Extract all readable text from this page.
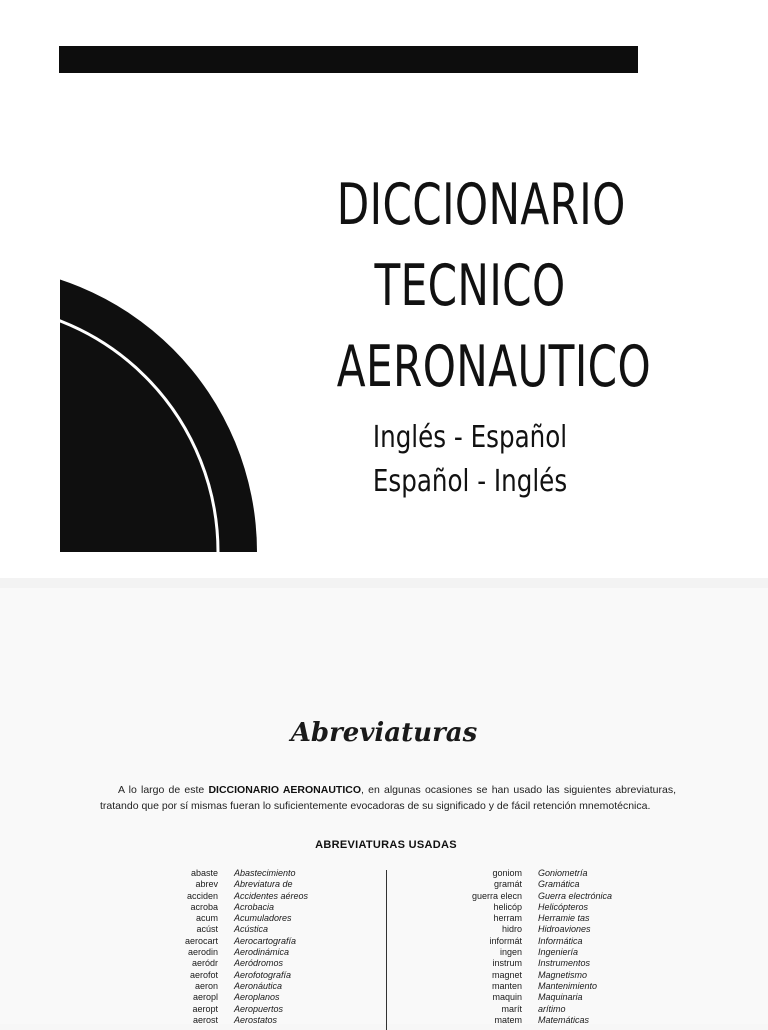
DICCIONARIO
TECNICO
AERONAUTICO
Inglés - Español
Español - Inglés
Abreviaturas

A lo largo de este DICCIONARIO AERONAUTICO, en algunas ocasiones se han usado las siguientes abreviaturas, tratando que por sí mismas fueran lo suficientemente evocadoras de su significado y de fácil retención mnemotécnica.

ABREVIATURAS USADAS
abaste Abastecimiento
abrev Abreviatura de
acciden Accidentes aéreos
acroba Acrobacia
acum Acumuladores
acúst Acústica
aerocart Aerocartografía
aerodin Aerodinámica
aeródr Aeródromos
aerofot Aerofotografía
aeron Aeronáutica
aeropl Aeroplanos
aeropt Aeropuertos
aerost Aerostatos
goniom Goniometría
gramát Gramática
guerra elecn Guerra electrónica
helicóp Helicópteros
herram Herramie tas
hidro Hidroaviones
informát Informática
ingen Ingeniería
instrum Instrumentos
magnet Magnetismo
manten Mantenimiento
maquin Maquinaria
marít arítimo
matem Matemáticas
